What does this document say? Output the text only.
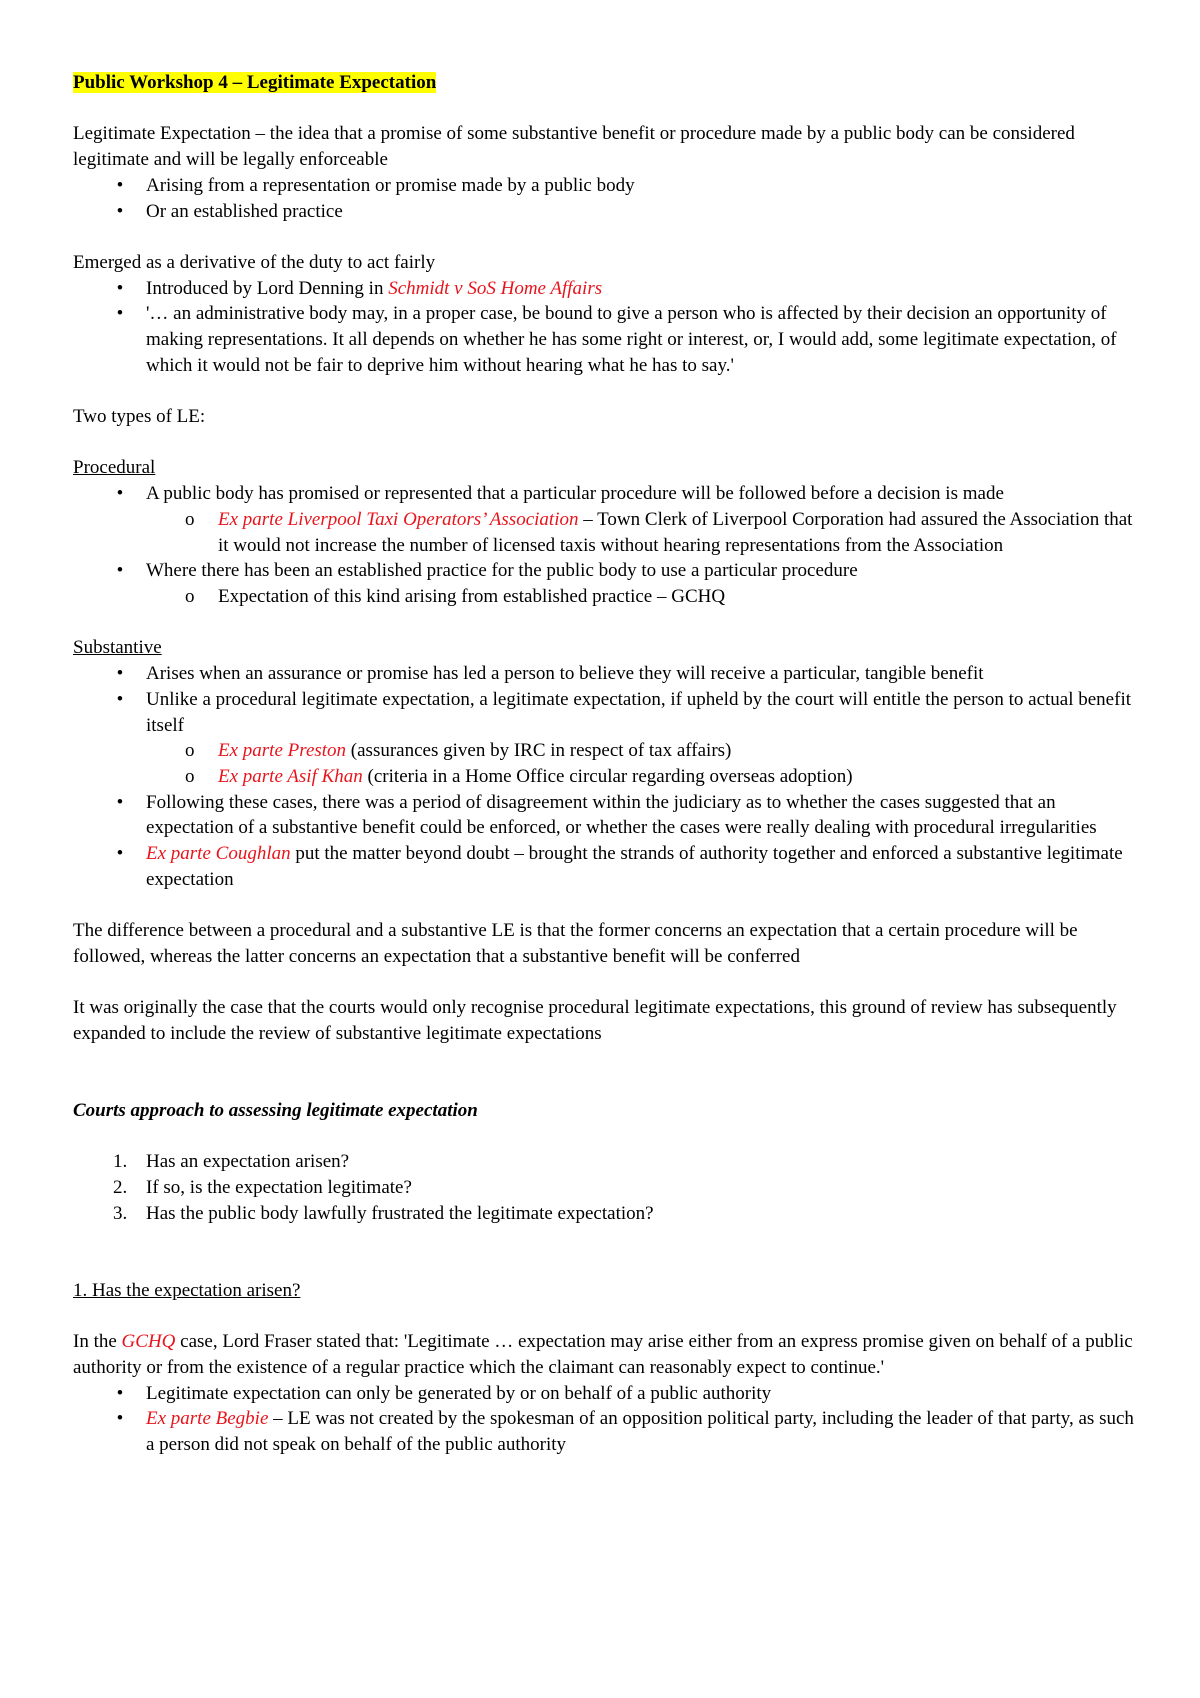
Public Workshop 4 – Legitimate Expectation

Legitimate Expectation – the idea that a promise of some substantive benefit or procedure made by a public body can be considered legitimate and will be legally enforceable

•	Arising from a representation or promise made by a public body
•	Or an established practice

Emerged as a derivative of the duty to act fairly

•	Introduced by Lord Denning in Schmidt v SoS Home Affairs
•	'… an administrative body may, in a proper case, be bound to give a person who is affected by their decision an opportunity of making representations. It all depends on whether he has some right or interest, or, I would add, some legitimate expectation, of which it would not be fair to deprive him without hearing what he has to say.'

Two types of LE:

Procedural

•	A public body has promised or represented that a particular procedure will be followed before a decision is made
o Ex parte Liverpool Taxi Operators’ Association – Town Clerk of Liverpool Corporation had assured the Association that it would not increase the number of licensed taxis without hearing representations from the Association
•	Where there has been an established practice for the public body to use a particular procedure
o Expectation of this kind arising from established practice – GCHQ

Substantive

•	Arises when an assurance or promise has led a person to believe they will receive a particular, tangible benefit
•	Unlike a procedural legitimate expectation, a legitimate expectation, if upheld by the court will entitle the person to actual benefit itself
o Ex parte Preston (assurances given by IRC in respect of tax affairs)
o Ex parte Asif Khan (criteria in a Home Office circular regarding overseas adoption)
•	Following these cases, there was a period of disagreement within the judiciary as to whether the cases suggested that an expectation of a substantive benefit could be enforced, or whether the cases were really dealing with procedural irregularities
•	Ex parte Coughlan put the matter beyond doubt – brought the strands of authority together and enforced a substantive legitimate expectation

The difference between a procedural and a substantive LE is that the former concerns an expectation that a certain procedure will be followed, whereas the latter concerns an expectation that a substantive benefit will be conferred

It was originally the case that the courts would only recognise procedural legitimate expectations, this ground of review has subsequently expanded to include the review of substantive legitimate expectations

Courts approach to assessing legitimate expectation

1. Has an expectation arisen?
2. If so, is the expectation legitimate?
3. Has the public body lawfully frustrated the legitimate expectation?

1. Has the expectation arisen?

In the GCHQ case, Lord Fraser stated that: 'Legitimate … expectation may arise either from an express promise given on behalf of a public authority or from the existence of a regular practice which the claimant can reasonably expect to continue.'

•	Legitimate expectation can only be generated by or on behalf of a public authority
•	Ex parte Begbie – LE was not created by the spokesman of an opposition political party, including the leader of that party, as such a person did not speak on behalf of the public authority
